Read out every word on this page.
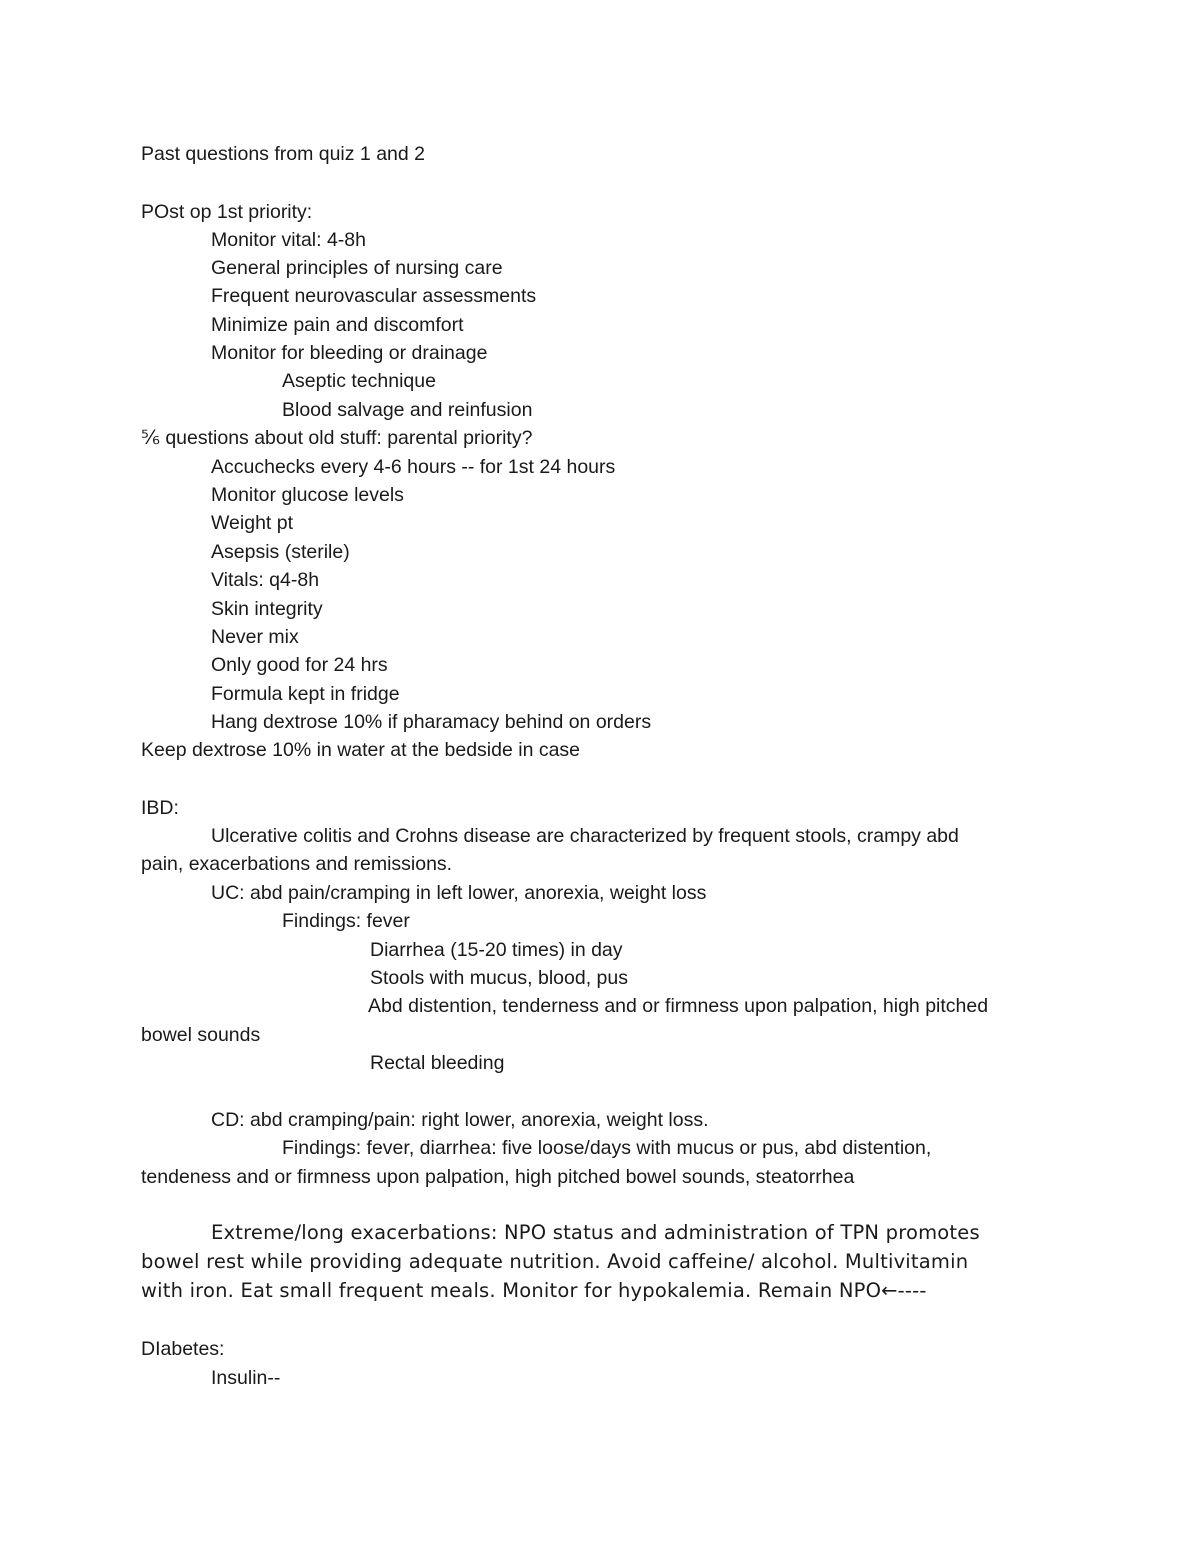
Past questions from quiz 1 and 2
POst op 1st priority:
Monitor vital: 4-8h
General principles of nursing care
Frequent neurovascular assessments
Minimize pain and discomfort
Monitor for bleeding or drainage
Aseptic technique
Blood salvage and reinfusion
⅚ questions about old stuff: parental priority?
Accuchecks every 4-6 hours -- for 1st 24 hours
Monitor glucose levels
Weight pt
Asepsis (sterile)
Vitals: q4-8h
Skin integrity
Never mix
Only good for 24 hrs
Formula kept in fridge
Hang dextrose 10% if pharamacy behind on orders
Keep dextrose 10% in water at the bedside in case
IBD:
Ulcerative colitis and Crohns disease are characterized by frequent stools, crampy abd
pain, exacerbations and remissions.
UC: abd pain/cramping in left lower, anorexia, weight loss
Findings: fever
Diarrhea (15-20 times) in day
Stools with mucus, blood, pus
Abd distention, tenderness and or firmness upon palpation, high pitched
bowel sounds
Rectal bleeding
CD: abd cramping/pain: right lower, anorexia, weight loss.
Findings: fever, diarrhea: five loose/days with mucus or pus, abd distention,
tendeness and or firmness upon palpation, high pitched bowel sounds, steatorrhea
Extreme/long exacerbations: NPO status and administration of TPN promotes
bowel rest while providing adequate nutrition. Avoid caffeine/ alcohol. Multivitamin
with iron. Eat small frequent meals. Monitor for hypokalemia. Remain NPO←----
DIabetes:
Insulin--
